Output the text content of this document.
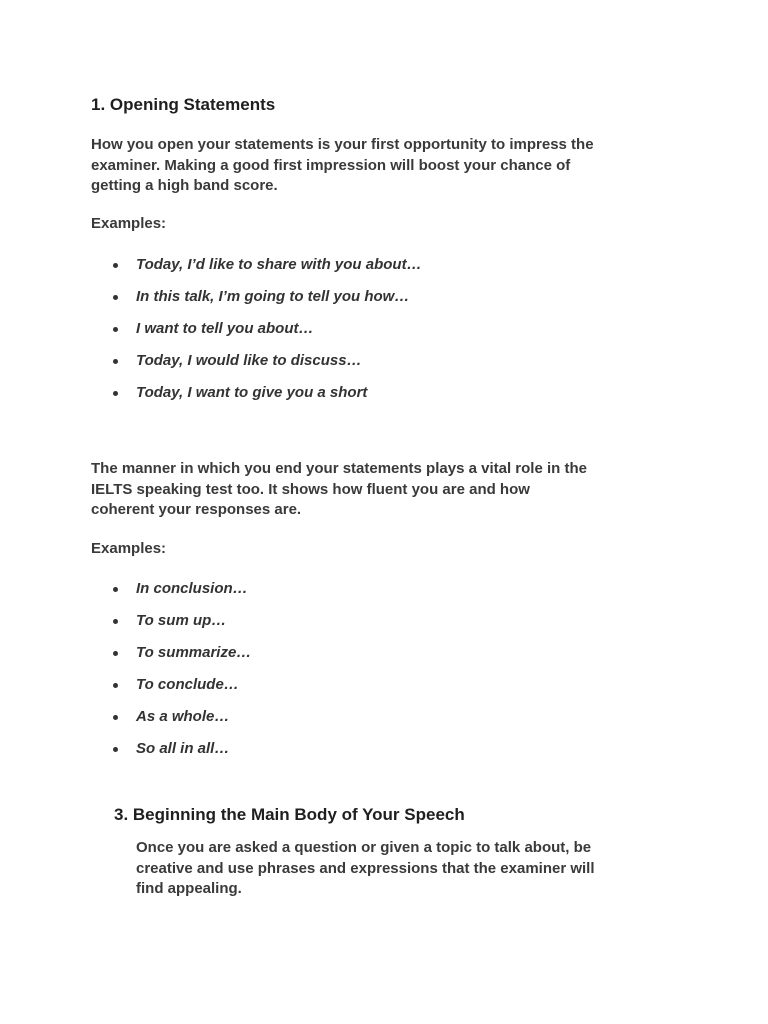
1. Opening Statements
How you open your statements is your first opportunity to impress the
examiner. Making a good first impression will boost your chance of
getting a high band score.
Examples:
Today, I’d like to share with you about…
In this talk, I’m going to tell you how…
I want to tell you about…
Today, I would like to discuss…
Today, I want to give you a short
The manner in which you end your statements plays a vital role in the
IELTS speaking test too. It shows how fluent you are and how
coherent your responses are.
Examples:
In conclusion…
To sum up…
To summarize…
To conclude…
As a whole…
So all in all…
3. Beginning the Main Body of Your Speech
Once you are asked a question or given a topic to talk about, be
creative and use phrases and expressions that the examiner will
find appealing.
